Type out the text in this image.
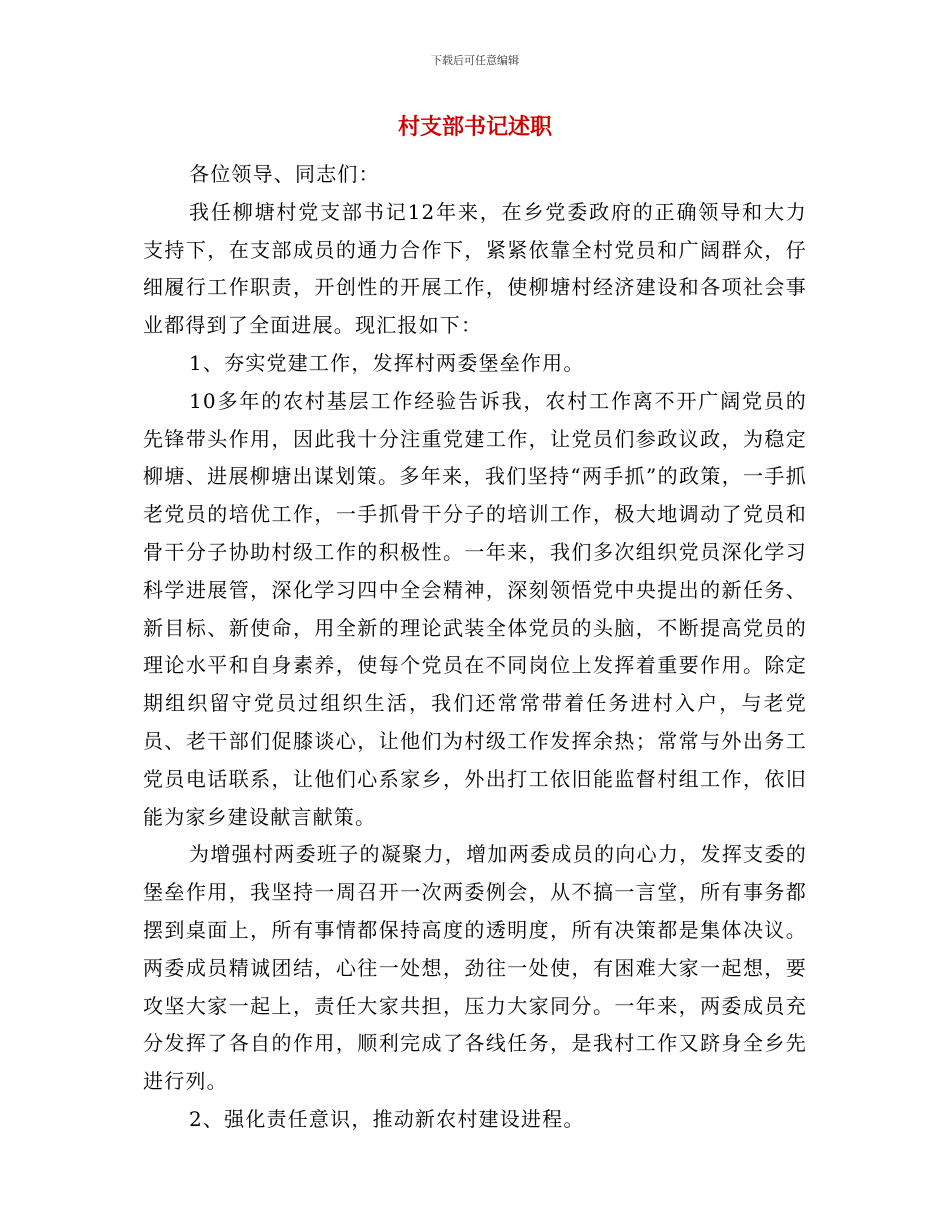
下载后可任意编辑
村支部书记述职

各位领导、同志们：

我任柳塘村党支部书记12年来，在乡党委政府的正确领导和大力支持下，在支部成员的通力合作下，紧紧依靠全村党员和广阔群众，仔细履行工作职责，开创性的开展工作，使柳塘村经济建设和各项社会事业都得到了全面进展。现汇报如下：

1、夯实党建工作，发挥村两委堡垒作用。

10多年的农村基层工作经验告诉我，农村工作离不开广阔党员的先锋带头作用，因此我十分注重党建工作，让党员们参政议政，为稳定柳塘、进展柳塘出谋划策。多年来，我们坚持“两手抓”的政策，一手抓老党员的培优工作，一手抓骨干分子的培训工作，极大地调动了党员和骨干分子协助村级工作的积极性。一年来，我们多次组织党员深化学习科学进展管，深化学习四中全会精神，深刻领悟党中央提出的新任务、新目标、新使命，用全新的理论武装全体党员的头脑，不断提高党员的理论水平和自身素养，使每个党员在不同岗位上发挥着重要作用。除定期组织留守党员过组织生活，我们还常常带着任务进村入户，与老党员、老干部们促膝谈心，让他们为村级工作发挥余热；常常与外出务工党员电话联系，让他们心系家乡，外出打工依旧能监督村组工作，依旧能为家乡建设献言献策。

为增强村两委班子的凝聚力，增加两委成员的向心力，发挥支委的堡垒作用，我坚持一周召开一次两委例会，从不搞一言堂，所有事务都摆到桌面上，所有事情都保持高度的透明度，所有决策都是集体决议。两委成员精诚团结，心往一处想，劲往一处使，有困难大家一起想，要攻坚大家一起上，责任大家共担，压力大家同分。一年来，两委成员充分发挥了各自的作用，顺利完成了各线任务，是我村工作又跻身全乡先进行列。

2、强化责任意识，推动新农村建设进程。
